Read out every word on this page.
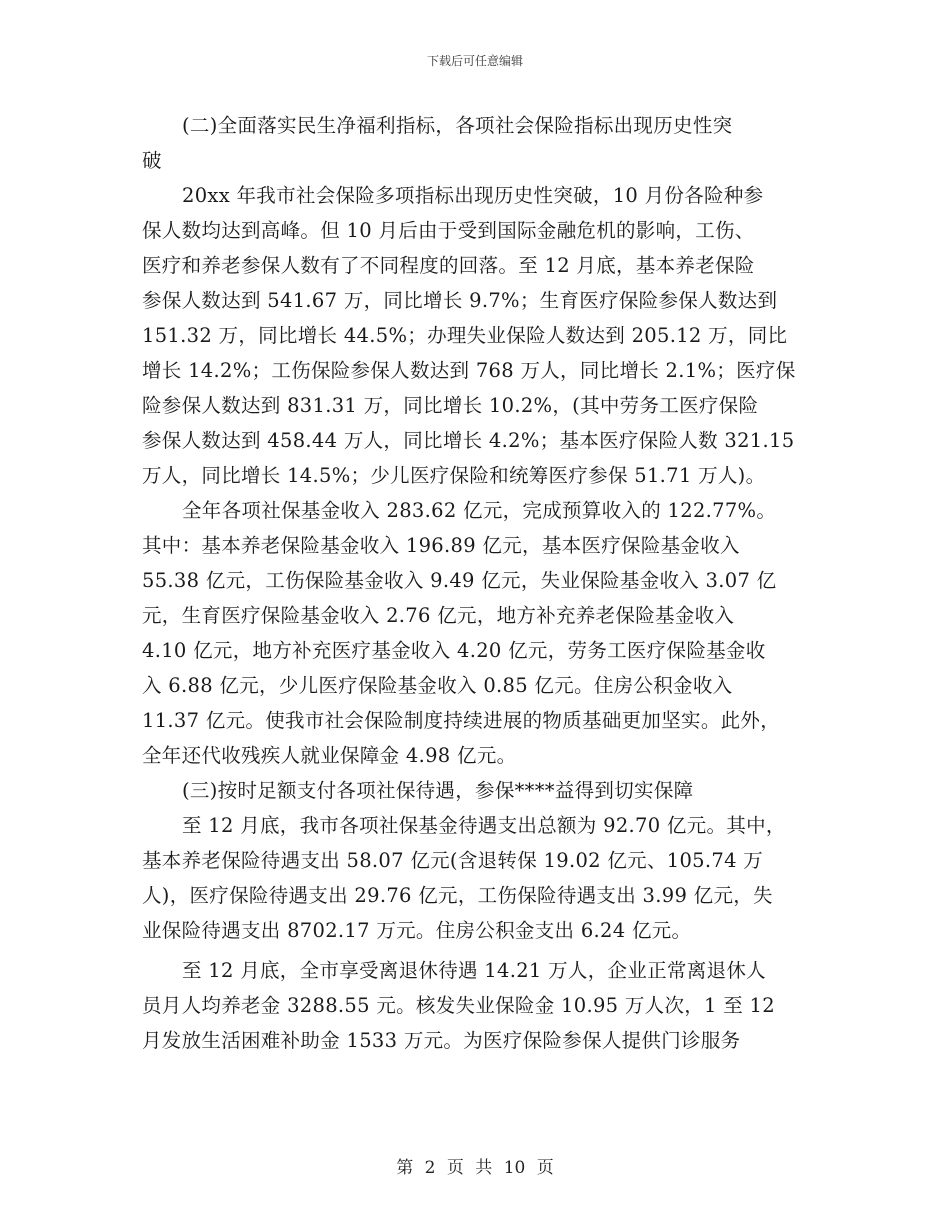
下载后可任意编辑
(二)全面落实民生净福利指标，各项社会保险指标出现历史性突
破
20xx 年我市社会保险多项指标出现历史性突破，10 月份各险种参
保人数均达到高峰。但 10 月后由于受到国际金融危机的影响，工伤、
医疗和养老参保人数有了不同程度的回落。至 12 月底，基本养老保险
参保人数达到 541.67 万，同比增长 9.7%；生育医疗保险参保人数达到
151.32 万，同比增长 44.5%；办理失业保险人数达到 205.12 万，同比
增长 14.2%；工伤保险参保人数达到 768 万人，同比增长 2.1%；医疗保
险参保人数达到 831.31 万，同比增长 10.2%，(其中劳务工医疗保险
参保人数达到 458.44 万人，同比增长 4.2%；基本医疗保险人数 321.15
万人，同比增长 14.5%；少儿医疗保险和统筹医疗参保 51.71 万人)。
全年各项社保基金收入 283.62 亿元，完成预算收入的 122.77%。
其中：基本养老保险基金收入 196.89 亿元，基本医疗保险基金收入
55.38 亿元，工伤保险基金收入 9.49 亿元，失业保险基金收入 3.07 亿
元，生育医疗保险基金收入 2.76 亿元，地方补充养老保险基金收入
4.10 亿元，地方补充医疗基金收入 4.20 亿元，劳务工医疗保险基金收
入 6.88 亿元，少儿医疗保险基金收入 0.85 亿元。住房公积金收入
11.37 亿元。使我市社会保险制度持续进展的物质基础更加坚实。此外，
全年还代收残疾人就业保障金 4.98 亿元。
(三)按时足额支付各项社保待遇，参保****益得到切实保障
至 12 月底，我市各项社保基金待遇支出总额为 92.70 亿元。其中，
基本养老保险待遇支出 58.07 亿元(含退转保 19.02 亿元、105.74 万
人)，医疗保险待遇支出 29.76 亿元，工伤保险待遇支出 3.99 亿元，失
业保险待遇支出 8702.17 万元。住房公积金支出 6.24 亿元。
至 12 月底，全市享受离退休待遇 14.21 万人，企业正常离退休人
员月人均养老金 3288.55 元。核发失业保险金 10.95 万人次，1 至 12
月发放生活困难补助金 1533 万元。为医疗保险参保人提供门诊服务
第 2 页 共 10 页
